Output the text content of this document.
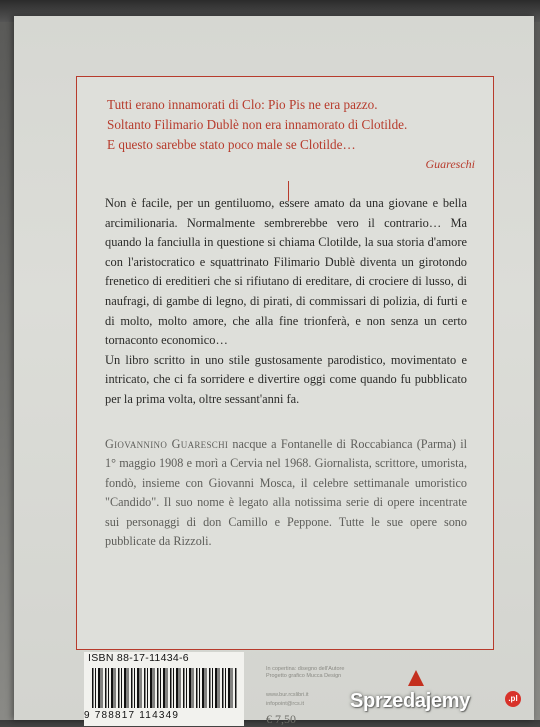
Tutti erano innamorati di Clo: Pio Pis ne era pazzo.
Soltanto Filimario Dublè non era innamorato di Clotilde.
E questo sarebbe stato poco male se Clotilde…
Guareschi

Non è facile, per un gentiluomo, essere amato da una giovane e bella arcimilionaria. Normalmente sembrerebbe vero il contrario… Ma quando la fanciulla in questione si chiama Clotilde, la sua storia d'amore con l'aristocratico e squattrinato Filimario Dublè diventa un girotondo frenetico di ereditieri che si rifiutano di ereditare, di crociere di lusso, di naufragi, di gambe di legno, di pirati, di commissari di polizia, di furti e di molto, molto amore, che alla fine trionferà, e non senza un certo tornaconto economico…

Un libro scritto in uno stile gustosamente parodistico, movimentato e intricato, che ci fa sorridere e divertire oggi come quando fu pubblicato per la prima volta, oltre sessant'anni fa.

Giovannino Guareschi nacque a Fontanelle di Roccabianca (Parma) il 1° maggio 1908 e morì a Cervia nel 1968. Giornalista, scrittore, umorista, fondò, insieme con Giovanni Mosca, il celebre settimanale umoristico "Candido". Il suo nome è legato alla notissima serie di opere incentrate sui personaggi di don Camillo e Peppone. Tutte le sue opere sono pubblicate da Rizzoli.
ISBN 88-17-11434-6
9 788817 114349
In copertina: disegno dell'Autore
Progetto grafico Mucca Design
www.bur.rcslibri.it
infopoint@rcs.it
€ 7,50
Sprzedajemy	.pl
